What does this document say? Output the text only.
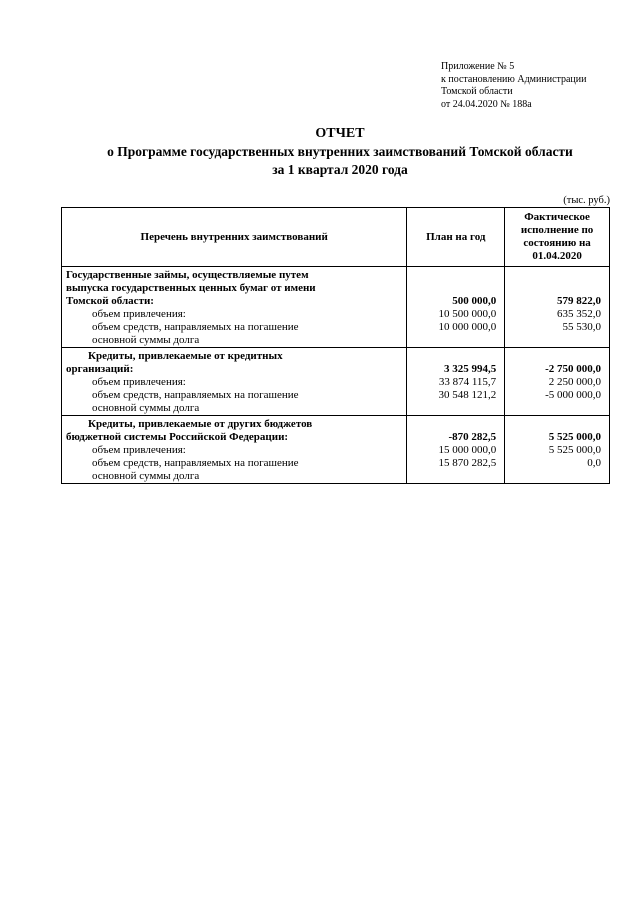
Приложение № 5
к постановлению Администрации
Томской области
от 24.04.2020 № 188а
ОТЧЕТ
о Программе государственных внутренних заимствований Томской области
за 1 квартал 2020 года
(тыс. руб.)
Перечень внутренних заимствований	План на год	Фактическое исполнение по состоянию на 01.04.2020
Государственные займы, осуществляемые путем		
выпуска государственных ценных бумаг от имени		
Томской области:	500 000,0	579 822,0
объем привлечения:	10 500 000,0	635 352,0
объем средств, направляемых на погашение	10 000 000,0	55 530,0
основной суммы долга		
Кредиты, привлекаемые от кредитных		
организаций:	3 325 994,5	-2 750 000,0
объем привлечения:	33 874 115,7	2 250 000,0
объем средств, направляемых на погашение	30 548 121,2	-5 000 000,0
основной суммы долга		
Кредиты, привлекаемые от других бюджетов		
бюджетной системы Российской Федерации:	-870 282,5	5 525 000,0
объем привлечения:	15 000 000,0	5 525 000,0
объем средств, направляемых на погашение	15 870 282,5	0,0
основной суммы долга		
